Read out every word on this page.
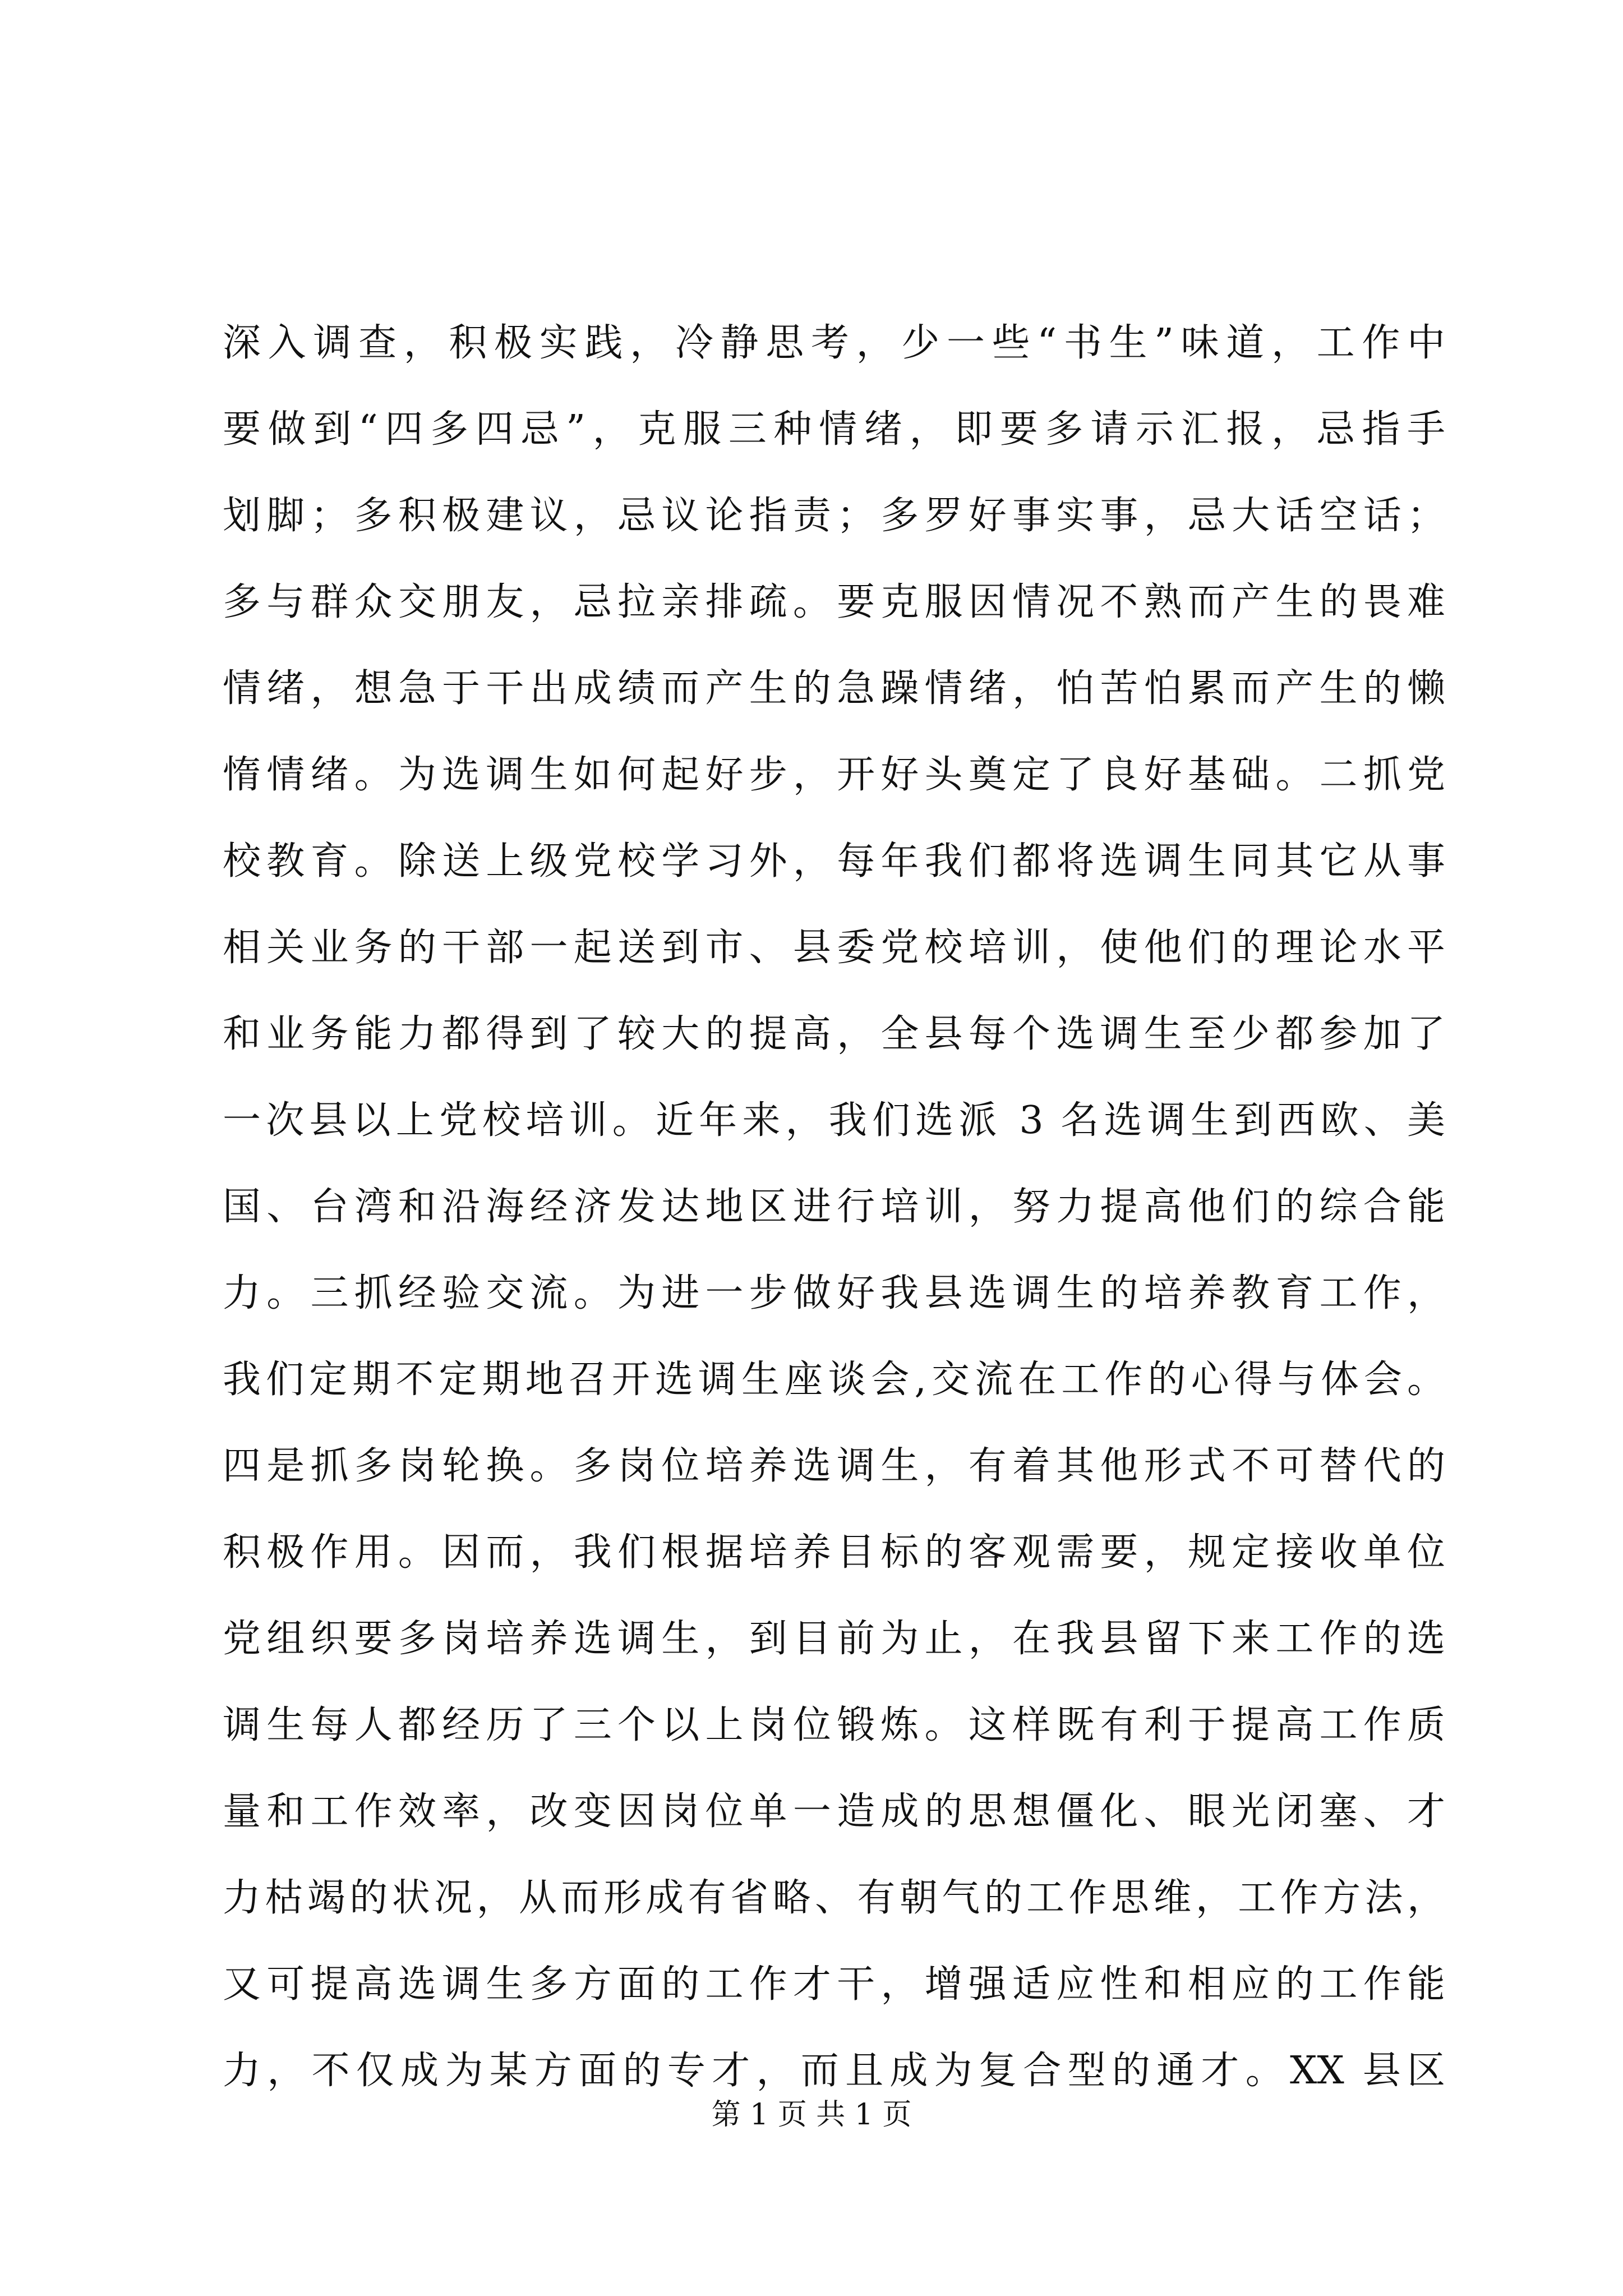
深入调查，积极实践，冷静思考，少一些“书生”味道，工作中
要做到“四多四忌”，克服三种情绪，即要多请示汇报，忌指手
划脚；多积极建议，忌议论指责；多罗好事实事，忌大话空话；
多与群众交朋友，忌拉亲排疏。要克服因情况不熟而产生的畏难
情绪，想急于干出成绩而产生的急躁情绪，怕苦怕累而产生的懒
惰情绪。为选调生如何起好步，开好头奠定了良好基础。二抓党
校教育。除送上级党校学习外，每年我们都将选调生同其它从事
相关业务的干部一起送到市、县委党校培训，使他们的理论水平
和业务能力都得到了较大的提高，全县每个选调生至少都参加了
一次县以上党校培训。近年来，我们选派 3 名选调生到西欧、美
国、台湾和沿海经济发达地区进行培训，努力提高他们的综合能
力。三抓经验交流。为进一步做好我县选调生的培养教育工作，
我们定期不定期地召开选调生座谈会,交流在工作的心得与体会。
四是抓多岗轮换。多岗位培养选调生，有着其他形式不可替代的
积极作用。因而，我们根据培养目标的客观需要，规定接收单位
党组织要多岗培养选调生，到目前为止，在我县留下来工作的选
调生每人都经历了三个以上岗位锻炼。这样既有利于提高工作质
量和工作效率，改变因岗位单一造成的思想僵化、眼光闭塞、才
力枯竭的状况，从而形成有省略、有朝气的工作思维，工作方法，
又可提高选调生多方面的工作才干，增强适应性和相应的工作能
力，不仅成为某方面的专才，而且成为复合型的通才。XX 县区
第 1 页 共 1 页
